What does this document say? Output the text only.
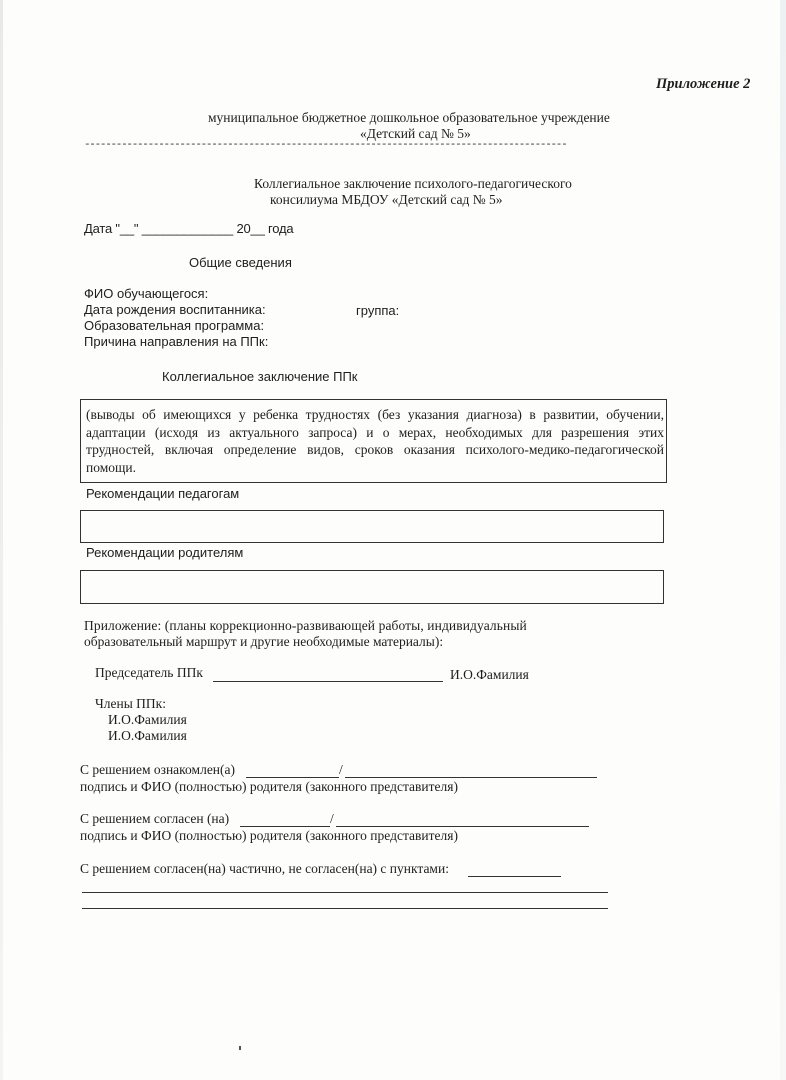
Приложение 2
муниципальное бюджетное дошкольное образовательное учреждение
«Детский сад № 5»
-------------------------------------------------------------------------------------------
Коллегиальное заключение психолого-педагогического
консилиума МБДОУ «Детский сад № 5»
Дата "__" _____________ 20__ года
Общие сведения
ФИО обучающегося:
Дата рождения воспитанника:	группа:
Образовательная программа:
Причина направления на ППк:
Коллегиальное заключение ППк
(выводы об имеющихся у ребенка трудностях (без указания диагноза) в развитии, обучении, адаптации (исходя из актуального запроса) и о мерах, необходимых для разрешения этих трудностей, включая определение видов, сроков оказания психолого-медико-педагогической помощи.
Рекомендации педагогам
Рекомендации родителям
Приложение: (планы коррекционно-развивающей работы, индивидуальный
образовательный маршрут и другие необходимые материалы):
Председатель ППк	И.О.Фамилия
Члены ППк:
И.О.Фамилия
И.О.Фамилия
С решением ознакомлен(а)	/
подпись и ФИО (полностью) родителя (законного представителя)
С решением согласен (на)	/
подпись и ФИО (полностью) родителя (законного представителя)
С решением согласен(на) частично, не согласен(на) с пунктами:
